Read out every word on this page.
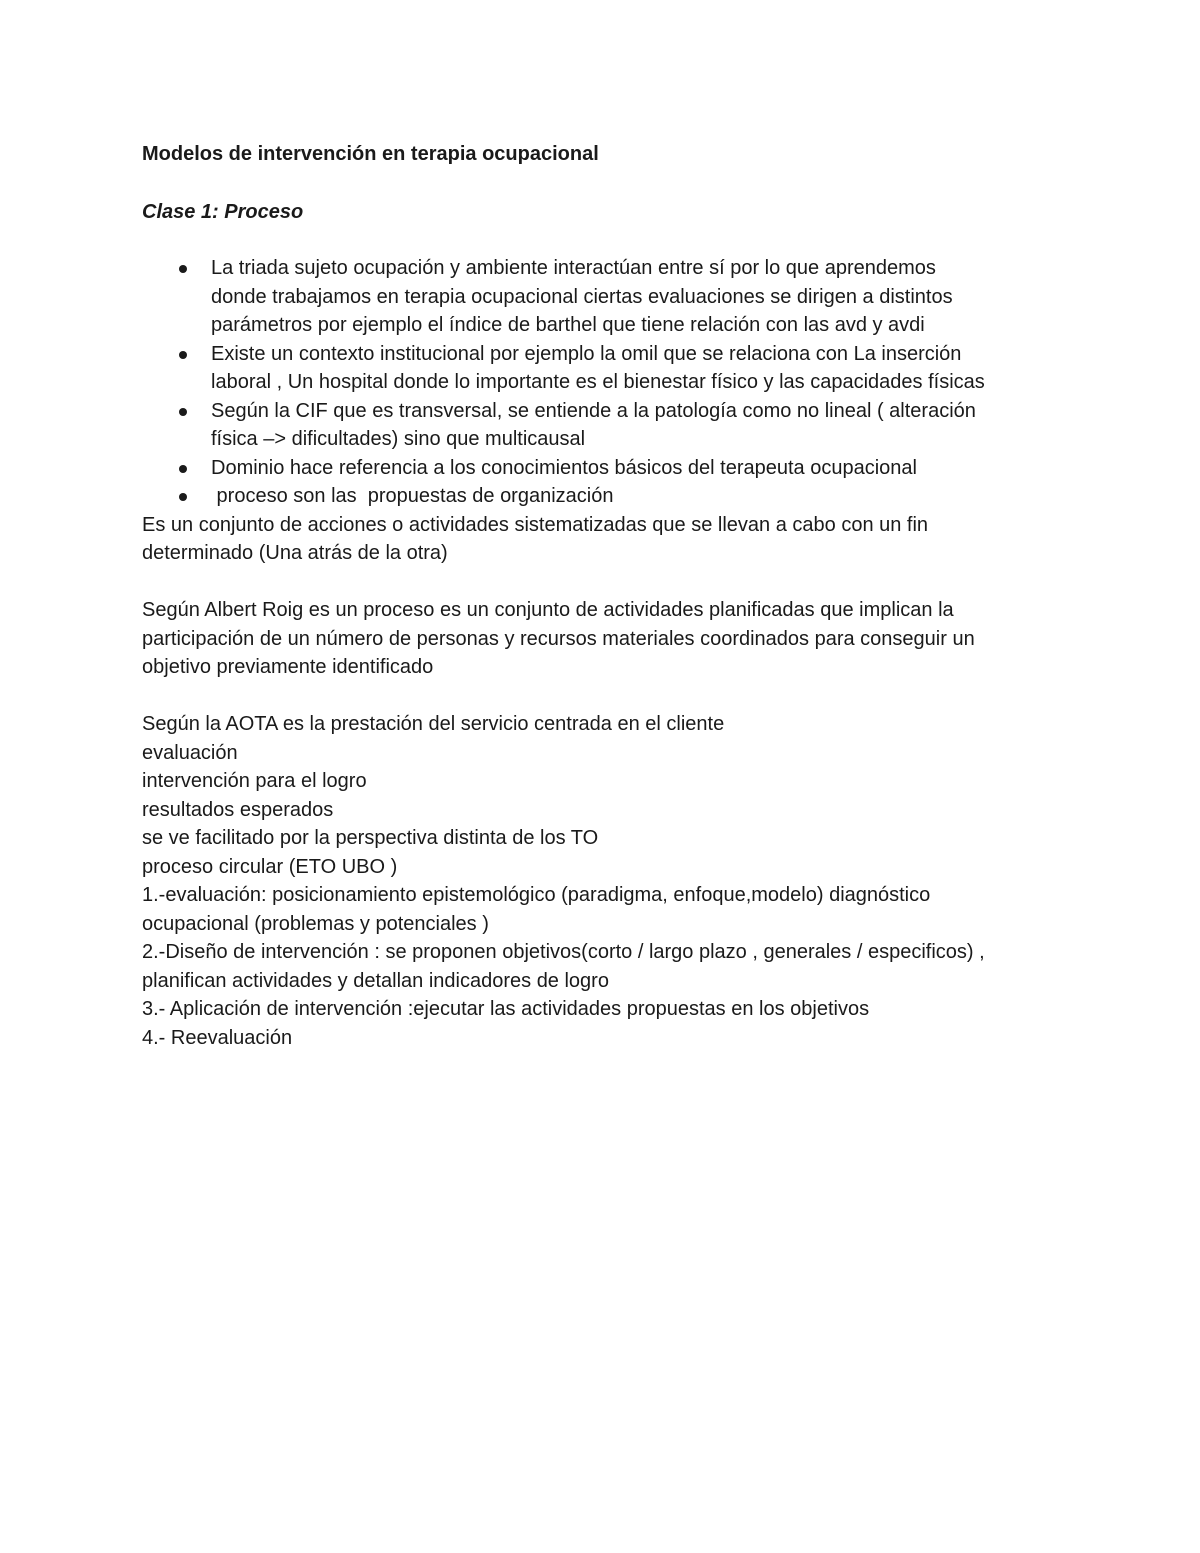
Modelos de intervención en terapia ocupacional
Clase 1: Proceso
La triada sujeto ocupación y ambiente interactúan entre sí por lo que aprendemos
donde trabajamos en terapia ocupacional ciertas evaluaciones se dirigen a distintos
parámetros por ejemplo el índice de barthel que tiene relación con las avd y avdi
Existe un contexto institucional por ejemplo la omil que se relaciona con La inserción
laboral , Un hospital donde lo importante es el bienestar físico y las capacidades físicas
Según la CIF que es transversal, se entiende a la patología como no lineal ( alteración
física –> dificultades) sino que multicausal
Dominio hace referencia a los conocimientos básicos del terapeuta ocupacional
proceso son las  propuestas de organización
Es un conjunto de acciones o actividades sistematizadas que se llevan a cabo con un fin
determinado (Una atrás de la otra)
Según Albert Roig es un proceso es un conjunto de actividades planificadas que implican la
participación de un número de personas y recursos materiales coordinados para conseguir un
objetivo previamente identificado
Según la AOTA es la prestación del servicio centrada en el cliente
evaluación
intervención para el logro
resultados esperados
se ve facilitado por la perspectiva distinta de los TO
proceso circular (ETO UBO )
1.-evaluación: posicionamiento epistemológico (paradigma, enfoque,modelo) diagnóstico
ocupacional (problemas y potenciales )
2.-Diseño de intervención : se proponen objetivos(corto / largo plazo , generales / especificos) ,
planifican actividades y detallan indicadores de logro
3.- Aplicación de intervención :ejecutar las actividades propuestas en los objetivos
4.- Reevaluación
